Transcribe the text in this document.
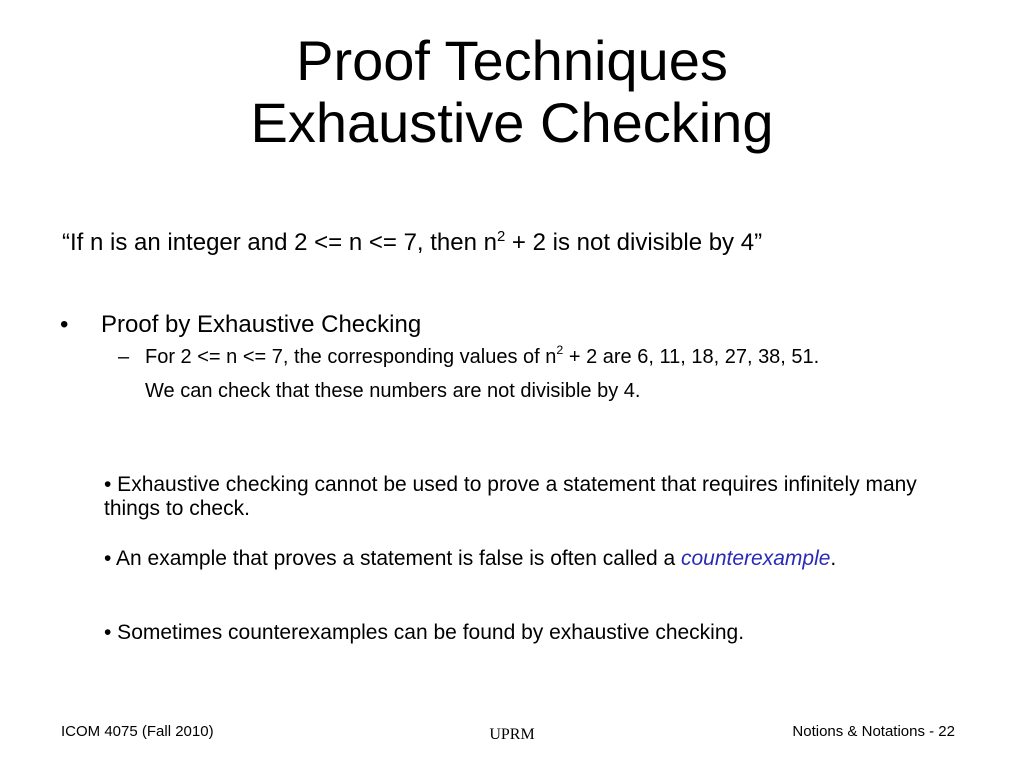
Proof Techniques
Exhaustive Checking
“If n is an integer and 2 <= n <= 7, then $n^2 + 2$ is not divisible by 4”
• Proof by Exhaustive Checking
– For 2 <= n <= 7, the corresponding values of $n^2 + 2$ are 6, 11, 18, 27, 38, 51.
We can check that these numbers are not divisible by 4.
• Exhaustive checking cannot be used to prove a statement that requires infinitely many things to check.
• An example that proves a statement is false is often called a counterexample.
• Sometimes counterexamples can be found by exhaustive checking.
ICOM 4075 (Fall 2010)	UPRM	Notions & Notations - 22
